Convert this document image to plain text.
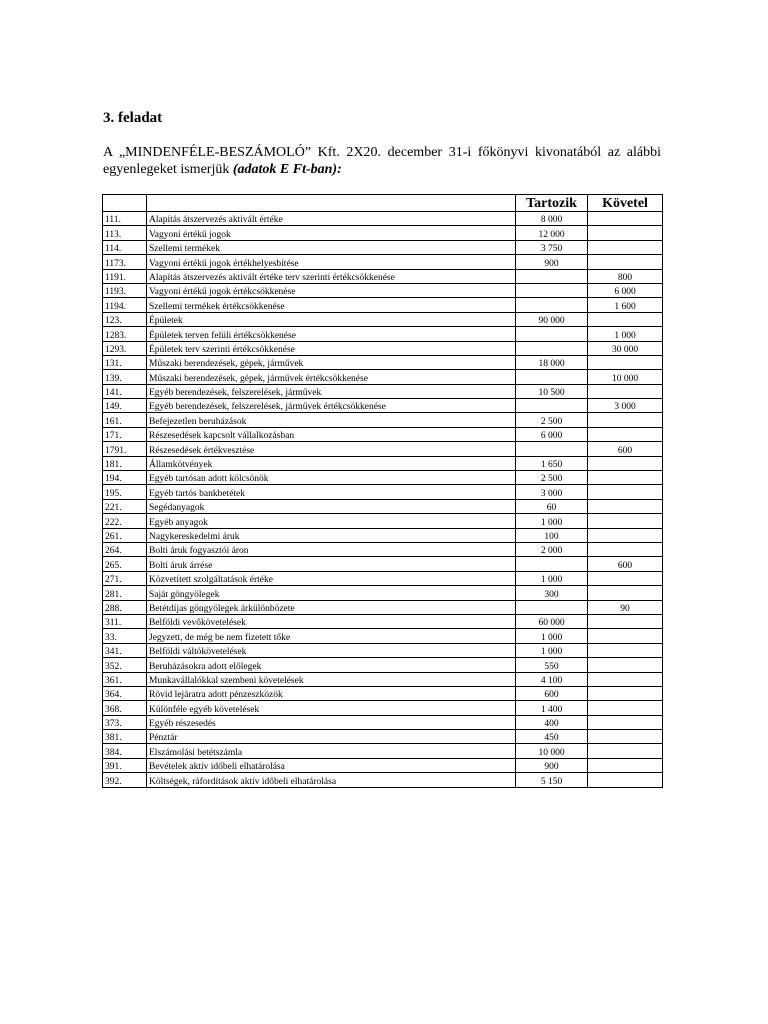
3. feladat

A „MINDENFÉLE-BESZÁMOLÓ” Kft. 2X20. december 31-i főkönyvi kivonatából az alábbi egyenlegeket ismerjük (adatok E Ft-ban):

		Tartozik	Követel
111.	Alapítás átszervezés aktivált értéke	8 000	
113.	Vagyoni értékű jogok	12 000	
114.	Szellemi termékek	3 750	
1173.	Vagyoni értékű jogok értékhelyesbítése	900	
1191.	Alapítás átszervezés aktivált értéke terv szerinti értékcsökkenése		800
1193.	Vagyoni értékű jogok értékcsökkenése		6 000
1194.	Szellemi termékek értékcsökkenése		1 600
123.	Épületek	90 000	
1283.	Épületek terven felüli értékcsökkenése		1 000
1293.	Épületek terv szerinti értékcsökkenése		30 000
131.	Műszaki berendezések, gépek, járművek	18 000	
139.	Műszaki berendezések, gépek, járművek értékcsökkenése		10 000
141.	Egyéb berendezések, felszerelések, járművek	10 500	
149.	Egyéb berendezések, felszerelések, járművek értékcsökkenése		3 000
161.	Befejezetlen beruházások	2 500	
171.	Részesedések kapcsolt vállalkozásban	6 000	
1791.	Részesedések értékvesztése		600
181.	Államkötvények	1 650	
194.	Egyéb tartósan adott kölcsönök	2 500	
195.	Egyéb tartós bankbetétek	3 000	
221.	Segédanyagok	60	
222.	Egyéb anyagok	1 000	
261.	Nagykereskedelmi áruk	100	
264.	Bolti áruk fogyasztói áron	2 000	
265.	Bolti áruk árrése		600
271.	Közvetített szolgáltatások értéke	1 000	
281.	Saját göngyölegek	300	
288.	Betétdíjas göngyölegek árkülönbözete		90
311.	Belföldi vevőkövetelések	60 000	
33.	Jegyzett, de még be nem fizetett tőke	1 000	
341.	Belföldi váltókövetelések	1 000	
352.	Beruházásokra adott előlegek	550	
361.	Munkavállalókkal szembeni követelések	4 100	
364.	Rövid lejáratra adott pénzeszközök	600	
368.	Különféle egyéb követelések	1 400	
373.	Egyéb részesedés	400	
381.	Pénztár	450	
384.	Elszámolási betétszámla	10 000	
391.	Bevételek aktív időbeli elhatárolása	900	
392.	Költségek, ráfordítások aktív időbeli elhatárolása	5 150	
